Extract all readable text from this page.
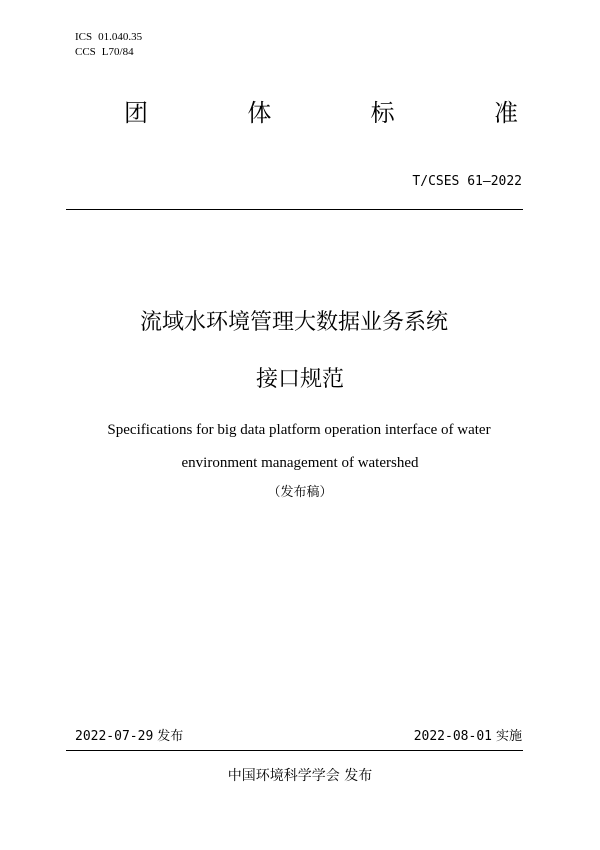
ICS 01.040.35
CCS L70/84
团	体	标	准
T/CSES 61—2022
流域水环境管理大数据业务系统
接口规范
Specifications for big data platform operation interface of water
environment management of watershed
（发布稿）
2022-07-29 发布	2022-08-01 实施
中国环境科学学会 发布
